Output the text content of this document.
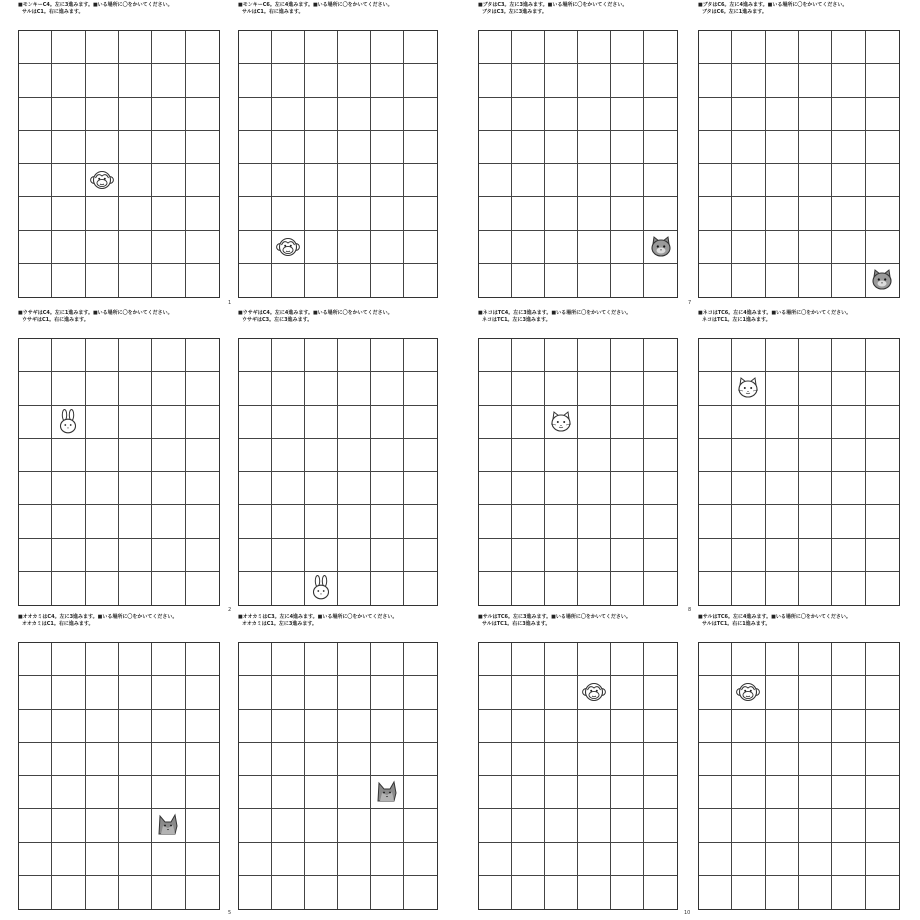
■モンキーC4。左に3進みます。■いる場所に〇をかいてください。
サルはC1。右に進みます。
■モンキーC6。左に4進みます。■いる場所に〇をかいてください。
サルはC1。右に進みます。
1
■ブタはC3。左に3進みます。■いる場所に〇をかいてください。
ブタはC3。左に3進みます。
■ブタはC6。左に4進みます。■いる場所に〇をかいてください。
ブタはC6。左に1進みます。
7
■ウサギはC4。左に1進みます。■いる場所に〇をかいてください。
ウサギはC1。右に進みます。
■ウサギはC4。左に4進みます。■いる場所に〇をかいてください。
ウサギはC3。左に3進みます。
2
■ネコはTC4。左に3進みます。■いる場所に〇をかいてください。
ネコはTC1。左に3進みます。
■ネコはTC6。左に4進みます。■いる場所に〇をかいてください。
ネコはTC1。左に1進みます。
8
■オオカミはC4。左に3進みます。■いる場所に〇をかいてください。
オオカミはC1。右に進みます。
■オオカミはC3。左に4進みます。■いる場所に〇をかいてください。
オオカミはC1。左に3進みます。
5
■サルはTC6。左に3進みます。■いる場所に〇をかいてください。
サルはTC1。右に3進みます。
■サルはTC6。左に4進みます。■いる場所に〇をかいてください。
サルはTC1。右に1進みます。
10
